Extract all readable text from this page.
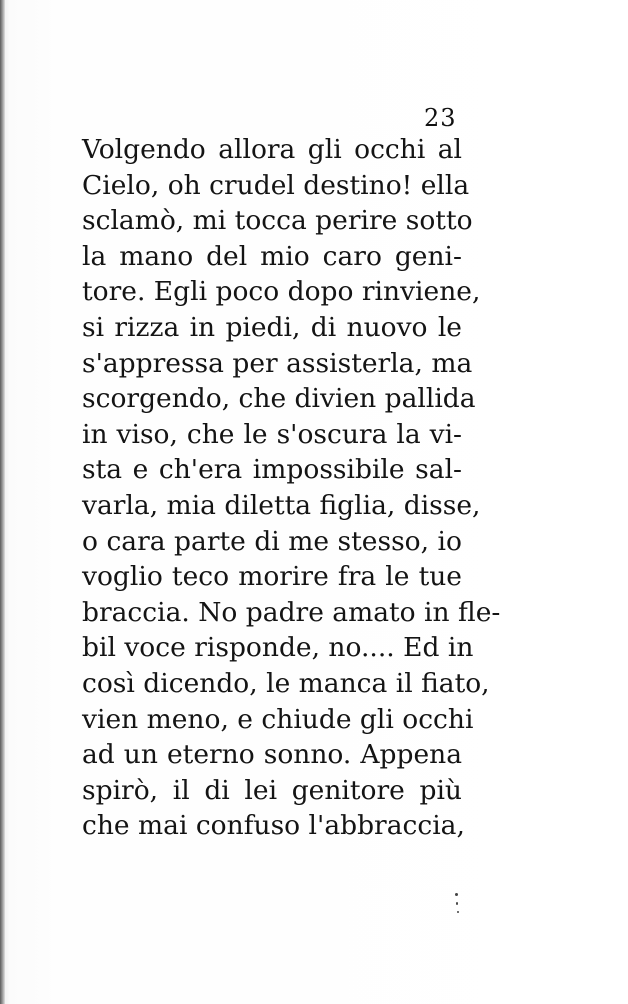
23
Volgendo allora gli occhi al
Cielo, oh crudel destino! ella
sclamò, mi tocca perire sotto
la mano del mio caro geni-
tore. Egli poco dopo rinviene,
si rizza in piedi, di nuovo le
s'appressa per assisterla, ma
scorgendo, che divien pallida
in viso, che le s'oscura la vi-
sta e ch'era impossibile sal-
varla, mia diletta figlia, disse,
o cara parte di me stesso, io
voglio teco morire fra le tue
braccia. No padre amato in fle-
bil voce risponde, no.... Ed in
così dicendo, le manca il fiato,
vien meno, e chiude gli occhi
ad un eterno sonno. Appena
spirò, il di lei genitore più
che mai confuso l'abbraccia,
